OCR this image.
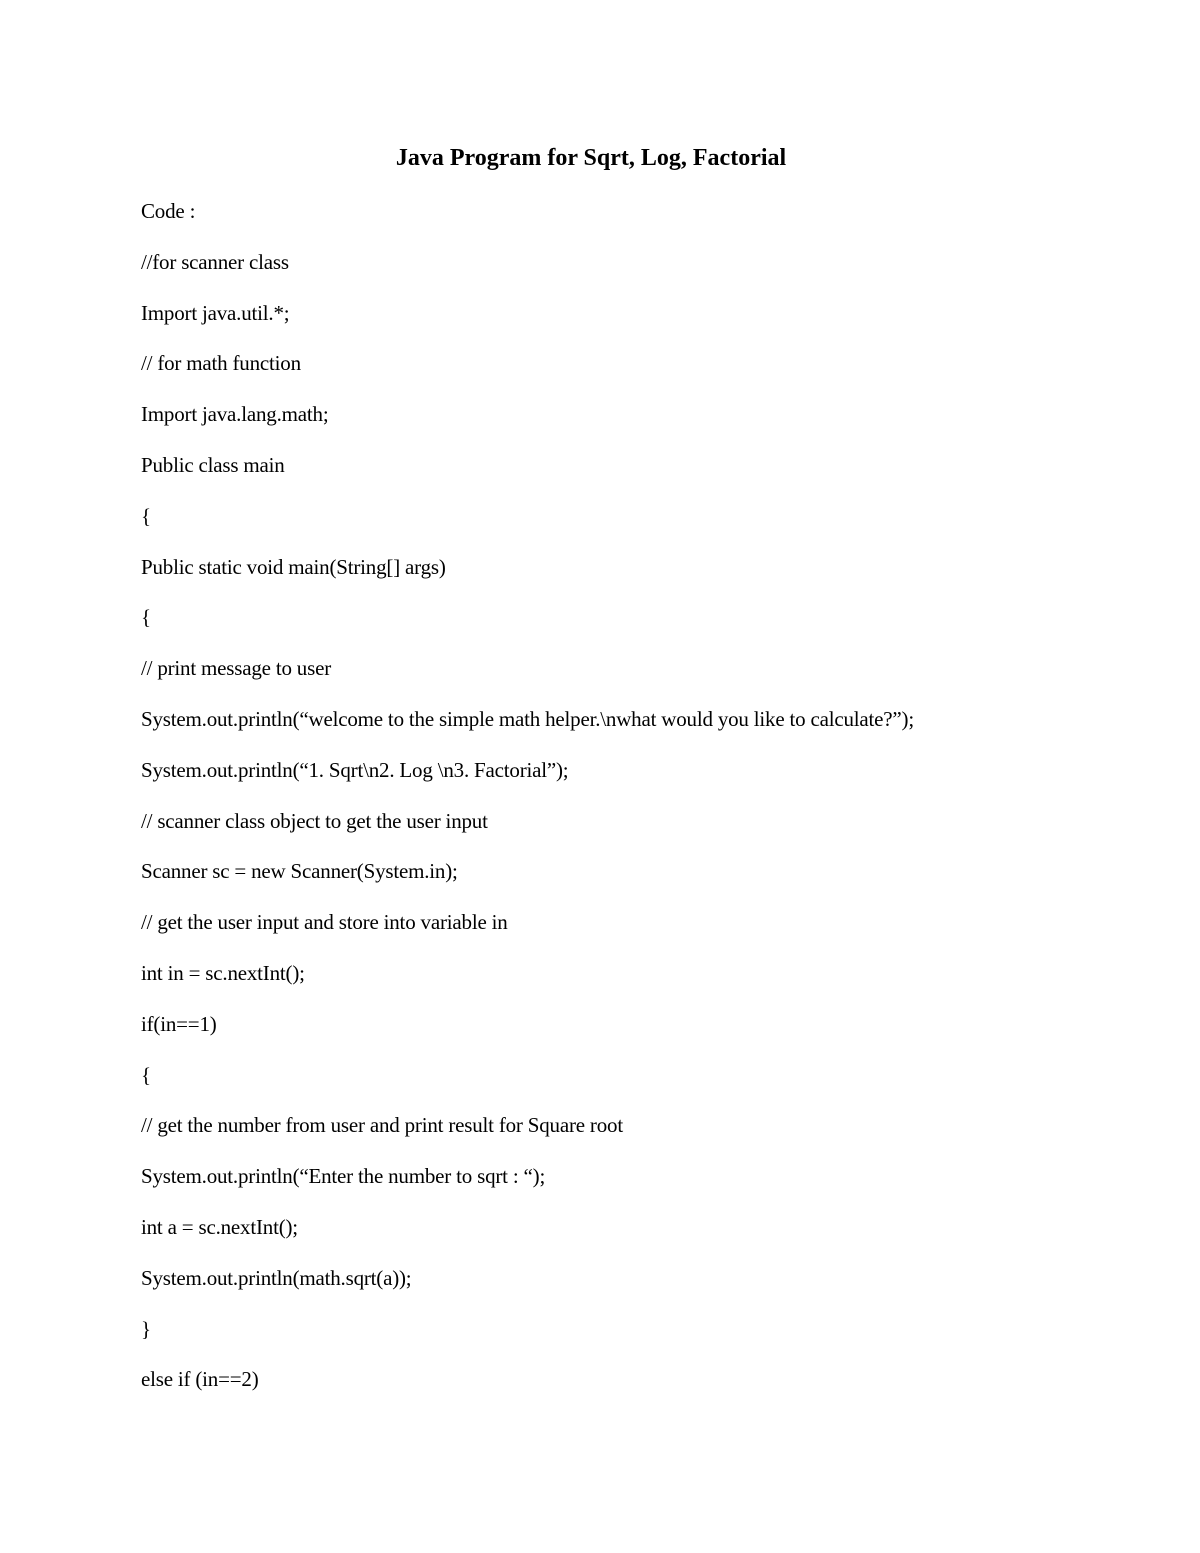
Java Program for Sqrt, Log, Factorial
Code :
//for scanner class
Import java.util.*;
// for math function
Import java.lang.math;
Public class main
{
Public static void main(String[] args)
{
// print message to user
System.out.println(“welcome to the simple math helper.\nwhat would you like to calculate?”);
System.out.println(“1. Sqrt\n2. Log \n3. Factorial”);
// scanner class object to get the user input
Scanner sc = new Scanner(System.in);
// get the user input and store into variable in
int in = sc.nextInt();
if(in==1)
{
// get the number from user and print result for Square root
System.out.println(“Enter the number to sqrt : “);
int a = sc.nextInt();
System.out.println(math.sqrt(a));
}
else if (in==2)
